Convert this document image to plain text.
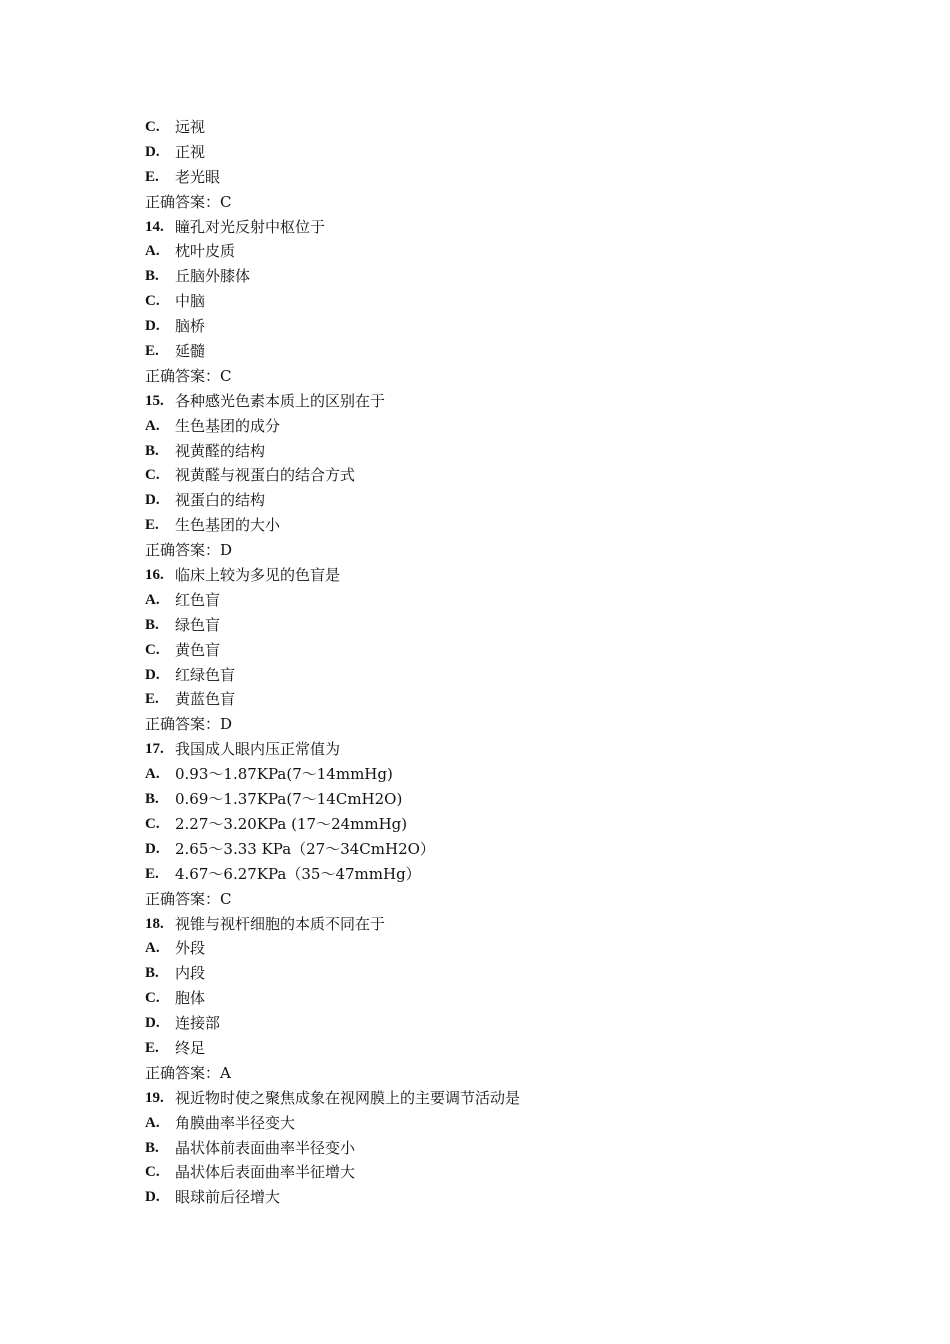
C.	远视
D.	正视
E.	老光眼
正确答案：C
14. 瞳孔对光反射中枢位于
A.	枕叶皮质
B.	丘脑外膝体
C.	中脑
D.	脑桥
E.	延髓
正确答案：C
15. 各种感光色素本质上的区别在于
A.	生色基团的成分
B.	视黄醛的结构
C.	视黄醛与视蛋白的结合方式
D.	视蛋白的结构
E.	生色基团的大小
正确答案：D
16. 临床上较为多见的色盲是
A.	红色盲
B.	绿色盲
C.	黄色盲
D.	红绿色盲
E.	黄蓝色盲
正确答案：D
17. 我国成人眼内压正常值为
A.	0.93～1.87KPa(7～14mmHg)
B.	0.69～1.37KPa(7～14CmH2O)
C.	2.27～3.20KPa (17～24mmHg)
D.	2.65～3.33 KPa（27～34CmH2O）
E.	4.67～6.27KPa（35～47mmHg）
正确答案：C
18. 视锥与视杆细胞的本质不同在于
A.	外段
B.	内段
C.	胞体
D.	连接部
E.	终足
正确答案：A
19. 视近物时使之聚焦成象在视网膜上的主要调节活动是
A.	角膜曲率半径变大
B.	晶状体前表面曲率半径变小
C.	晶状体后表面曲率半征增大
D.	眼球前后径增大
